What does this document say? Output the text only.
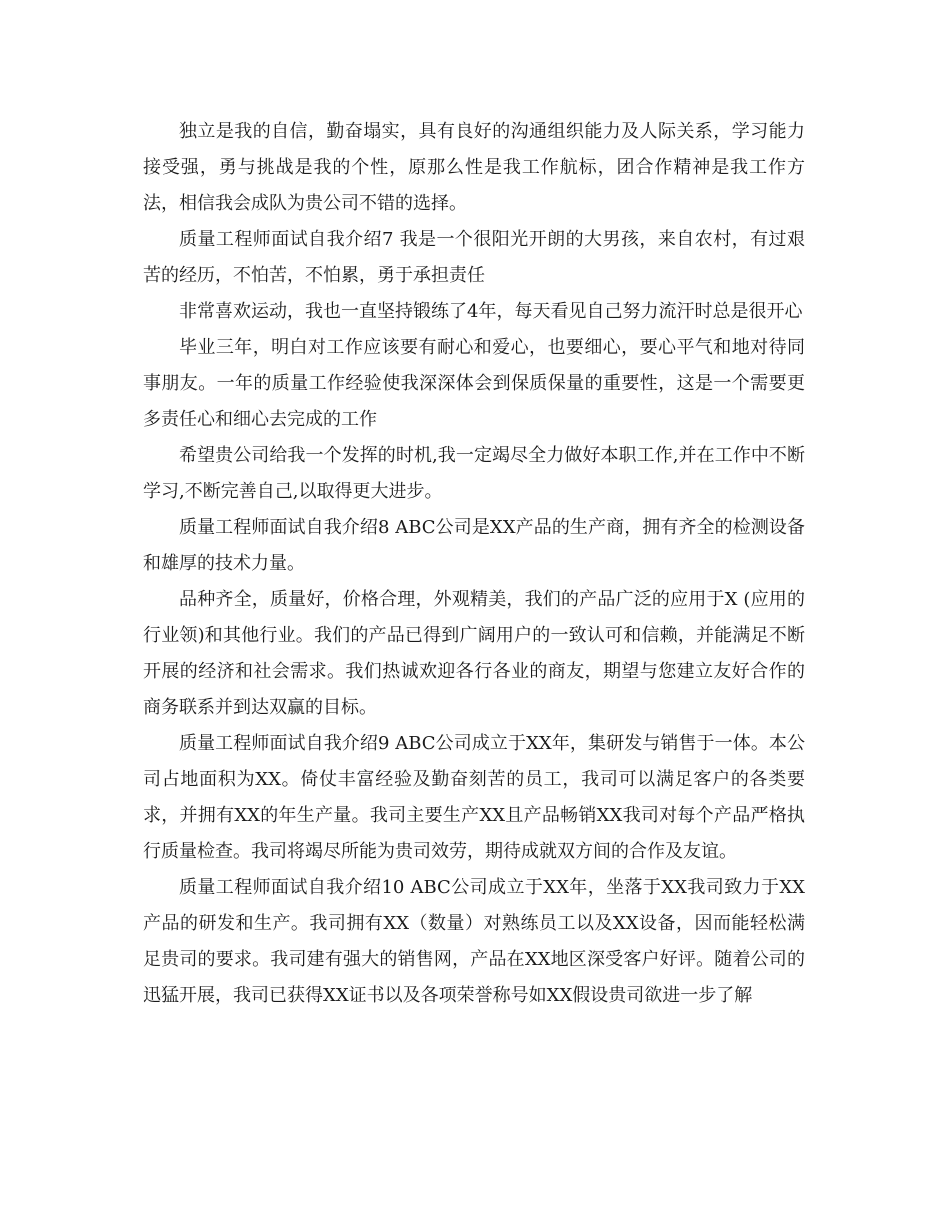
独立是我的自信，勤奋塌实，具有良好的沟通组织能力及人际关系，学习能力接受强，勇与挑战是我的个性，原那么性是我工作航标，团合作精神是我工作方法，相信我会成队为贵公司不错的选择。

质量工程师面试自我介绍7 我是一个很阳光开朗的大男孩，来自农村，有过艰苦的经历，不怕苦，不怕累，勇于承担责任

非常喜欢运动，我也一直坚持锻练了4年，每天看见自己努力流汗时总是很开心

毕业三年，明白对工作应该要有耐心和爱心，也要细心，要心平气和地对待同事朋友。一年的质量工作经验使我深深体会到保质保量的重要性，这是一个需要更多责任心和细心去完成的工作

希望贵公司给我一个发挥的时机,我一定竭尽全力做好本职工作,并在工作中不断学习,不断完善自己,以取得更大进步。

质量工程师面试自我介绍8 ABC公司是XX产品的生产商，拥有齐全的检测设备和雄厚的技术力量。

品种齐全，质量好，价格合理，外观精美，我们的产品广泛的应用于X (应用的行业领)和其他行业。我们的产品已得到广阔用户的一致认可和信赖，并能满足不断开展的经济和社会需求。我们热诚欢迎各行各业的商友，期望与您建立友好合作的商务联系并到达双赢的目标。

质量工程师面试自我介绍9 ABC公司成立于XX年，集研发与销售于一体。本公司占地面积为XX。倚仗丰富经验及勤奋刻苦的员工，我司可以满足客户的各类要求，并拥有XX的年生产量。我司主要生产XX且产品畅销XX我司对每个产品严格执行质量检查。我司将竭尽所能为贵司效劳，期待成就双方间的合作及友谊。

质量工程师面试自我介绍10 ABC公司成立于XX年，坐落于XX我司致力于XX产品的研发和生产。我司拥有XX（数量）对熟练员工以及XX设备，因而能轻松满足贵司的要求。我司建有强大的销售网，产品在XX地区深受客户好评。随着公司的迅猛开展，我司已获得XX证书以及各项荣誉称号如XX假设贵司欲进一步了解
